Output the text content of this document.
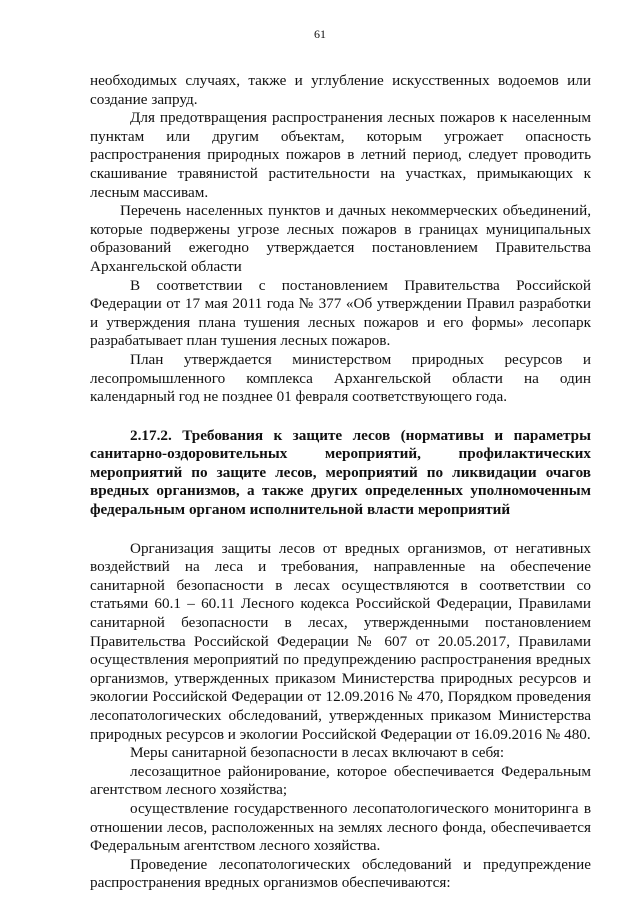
61

необходимых случаях, также и углубление искусственных водоемов или создание запруд.

Для предотвращения распространения лесных пожаров к населенным пунктам или другим объектам, которым угрожает опасность распространения природных пожаров в летний период, следует проводить скашивание травянистой растительности на участках, примыкающих к лесным массивам.

Перечень населенных пунктов и дачных некоммерческих объединений, которые подвержены угрозе лесных пожаров в границах муниципальных образований ежегодно утверждается постановлением Правительства Архангельской области

В соответствии с постановлением Правительства Российской Федерации от 17 мая 2011 года № 377 «Об утверждении Правил разработки и утверждения плана тушения лесных пожаров и его формы» лесопарк разрабатывает план тушения лесных пожаров.

План утверждается министерством природных ресурсов и лесопромышленного комплекса Архангельской области на один календарный год не позднее 01 февраля соответствующего года.

2.17.2. Требования к защите лесов (нормативы и параметры санитарно-оздоровительных мероприятий, профилактических мероприятий по защите лесов, мероприятий по ликвидации очагов вредных организмов, а также других определенных уполномоченным федеральным органом исполнительной власти мероприятий

Организация защиты лесов от вредных организмов, от негативных воздействий на леса и требования, направленные на обеспечение санитарной безопасности в лесах осуществляются в соответствии со статьями 60.1 – 60.11 Лесного кодекса Российской Федерации, Правилами санитарной безопасности в лесах, утвержденными постановлением Правительства Российской Федерации № 607 от 20.05.2017, Правилами осуществления мероприятий по предупреждению распространения вредных организмов, утвержденных приказом Министерства природных ресурсов и экологии Российской Федерации от 12.09.2016 № 470, Порядком проведения лесопатологических обследований, утвержденных приказом Министерства природных ресурсов и экологии Российской Федерации от 16.09.2016 № 480.

Меры санитарной безопасности в лесах включают в себя:

лесозащитное районирование, которое обеспечивается Федеральным агентством лесного хозяйства;

осуществление государственного лесопатологического мониторинга в отношении лесов, расположенных на землях лесного фонда, обеспечивается Федеральным агентством лесного хозяйства.

Проведение лесопатологических обследований и предупреждение распространения вредных организмов обеспечиваются:
